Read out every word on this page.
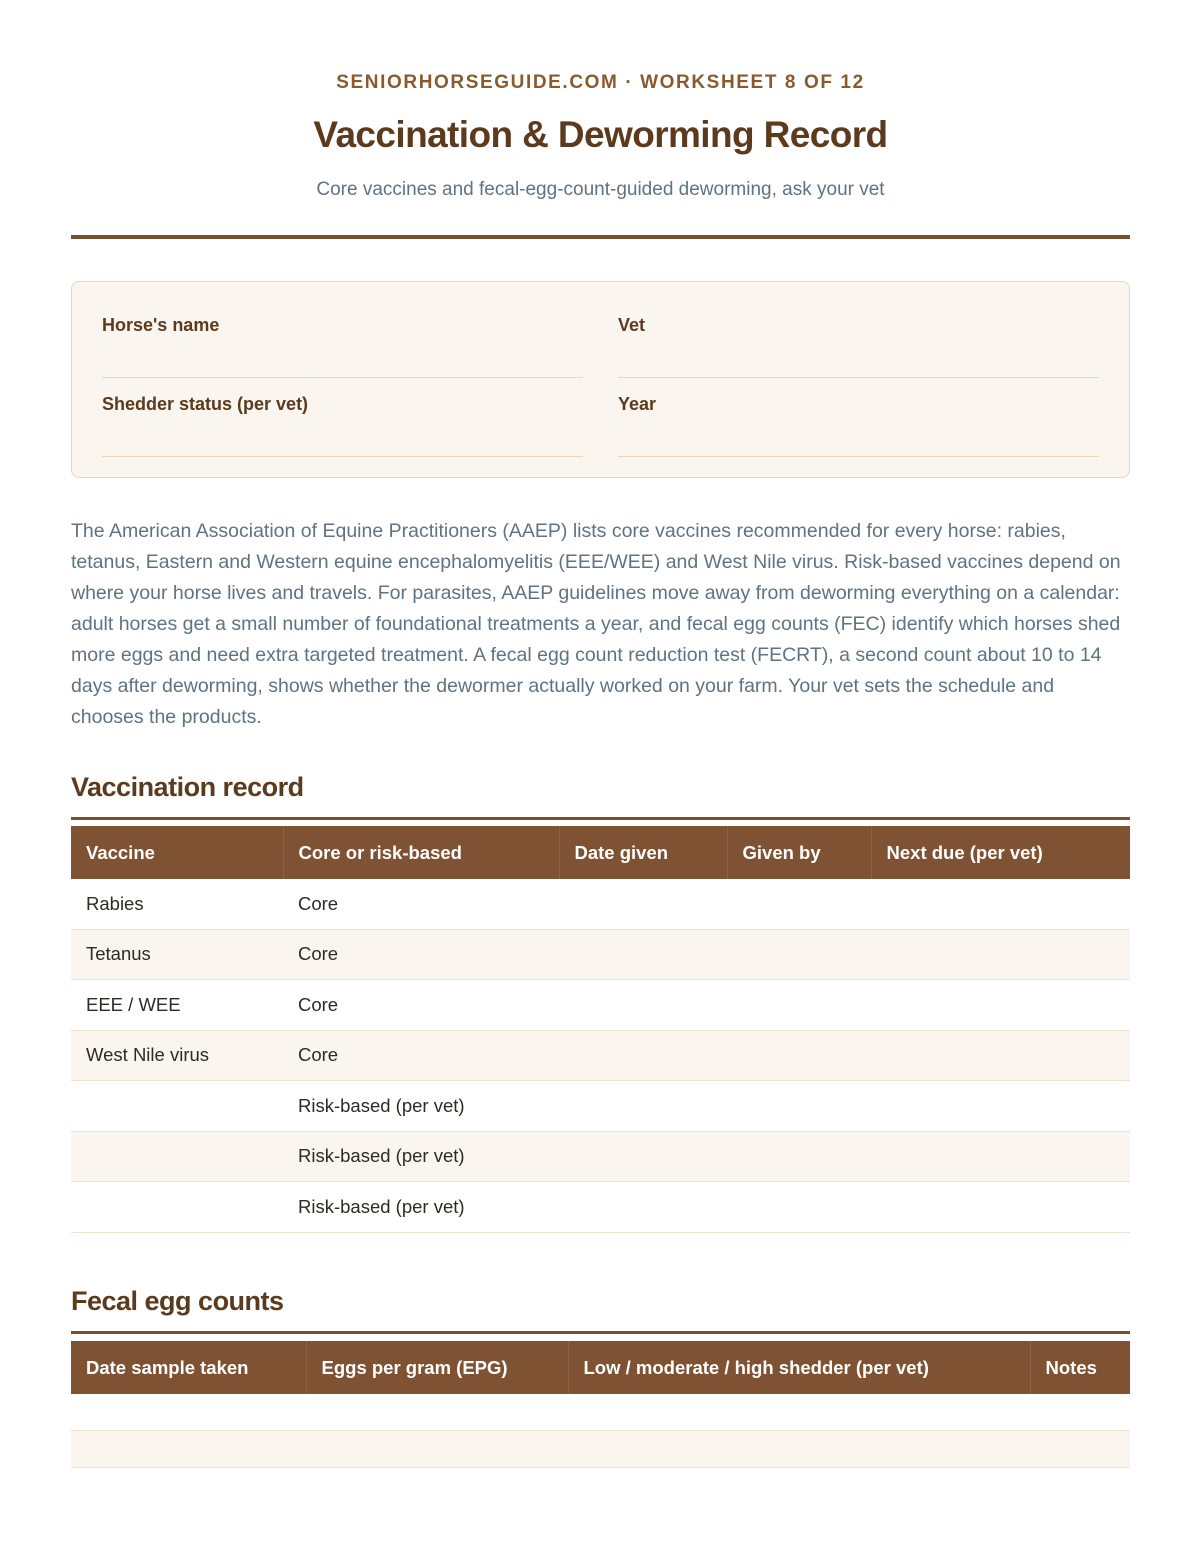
SENIORHORSEGUIDE.COM · WORKSHEET 8 OF 12
Vaccination & Deworming Record
Core vaccines and fecal-egg-count-guided deworming, ask your vet
Horse's name	Vet
Shedder status (per vet)	Year

The American Association of Equine Practitioners (AAEP) lists core vaccines recommended for every horse: rabies, tetanus, Eastern and Western equine encephalomyelitis (EEE/WEE) and West Nile virus. Risk-based vaccines depend on where your horse lives and travels. For parasites, AAEP guidelines move away from deworming everything on a calendar: adult horses get a small number of foundational treatments a year, and fecal egg counts (FEC) identify which horses shed more eggs and need extra targeted treatment. A fecal egg count reduction test (FECRT), a second count about 10 to 14 days after deworming, shows whether the dewormer actually worked on your farm. Your vet sets the schedule and chooses the products.

Vaccination record
Vaccine	Core or risk-based	Date given	Given by	Next due (per vet)
Rabies	Core			
Tetanus	Core			
EEE / WEE	Core			
West Nile virus	Core			
	Risk-based (per vet)			
	Risk-based (per vet)			
	Risk-based (per vet)			
Fecal egg counts
Date sample taken	Eggs per gram (EPG)	Low / moderate / high shedder (per vet)	Notes
